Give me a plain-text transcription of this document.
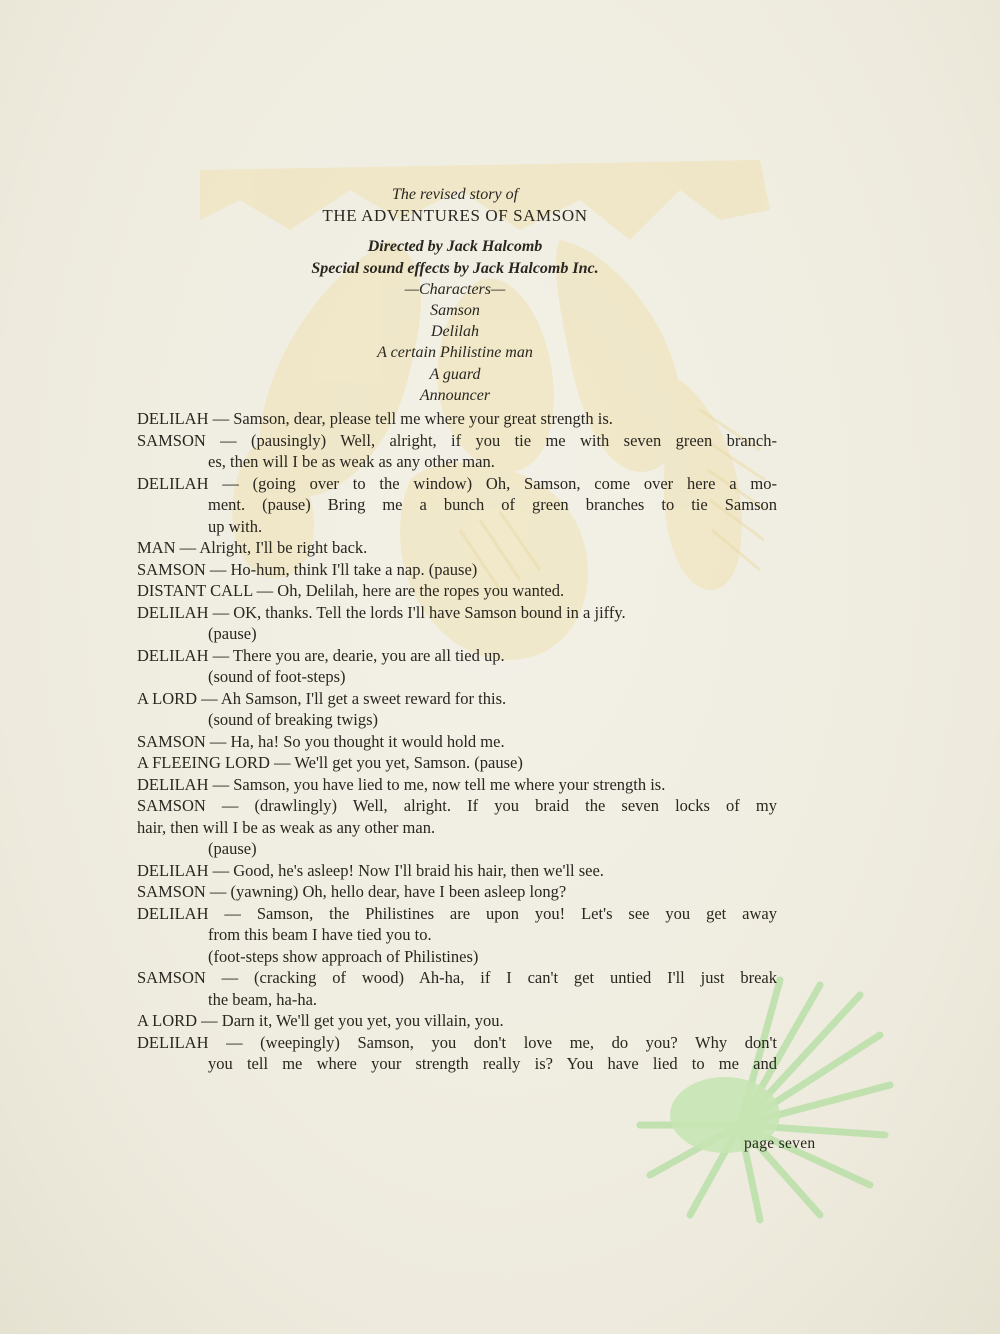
The revised story of
THE ADVENTURES OF SAMSON
Directed by Jack Halcomb
Special sound effects by Jack Halcomb Inc.
—Characters—
Samson
Delilah
A certain Philistine man
A guard
Announcer
DELILAH — Samson, dear, please tell me where your great strength is.
SAMSON — (pausingly) Well, alright, if you tie me with seven green branch-
es, then will I be as weak as any other man.
DELILAH — (going over to the window) Oh, Samson, come over here a mo-
ment. (pause) Bring me a bunch of green branches to tie Samson
up with.
MAN — Alright, I'll be right back.
SAMSON — Ho-hum, think I'll take a nap. (pause)
DISTANT CALL — Oh, Delilah, here are the ropes you wanted.
DELILAH — OK, thanks. Tell the lords I'll have Samson bound in a jiffy.
(pause)
DELILAH — There you are, dearie, you are all tied up.
(sound of foot-steps)
A LORD — Ah Samson, I'll get a sweet reward for this.
(sound of breaking twigs)
SAMSON — Ha, ha! So you thought it would hold me.
A FLEEING LORD — We'll get you yet, Samson. (pause)
DELILAH — Samson, you have lied to me, now tell me where your strength is.
SAMSON — (drawlingly) Well, alright. If you braid the seven locks of my
hair, then will I be as weak as any other man.
(pause)
DELILAH — Good, he's asleep! Now I'll braid his hair, then we'll see.
SAMSON — (yawning) Oh, hello dear, have I been asleep long?
DELILAH — Samson, the Philistines are upon you! Let's see you get away
from this beam I have tied you to.
(foot-steps show approach of Philistines)
SAMSON — (cracking of wood) Ah-ha, if I can't get untied I'll just break
the beam, ha-ha.
A LORD — Darn it, We'll get you yet, you villain, you.
DELILAH — (weepingly) Samson, you don't love me, do you? Why don't
you tell me where your strength really is? You have lied to me and
page seven
